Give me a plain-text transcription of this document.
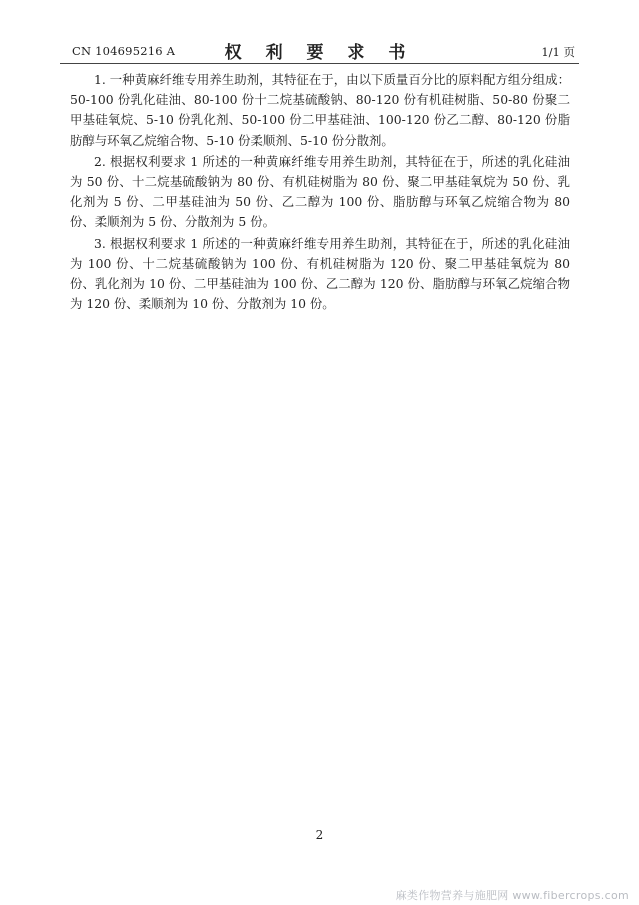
CN 104695216 A	权 利 要 求 书	1/1 页

1. 一种黄麻纤维专用养生助剂，其特征在于，由以下质量百分比的原料配方组分组成：50-100 份乳化硅油、80-100 份十二烷基硫酸钠、80-120 份有机硅树脂、50-80 份聚二甲基硅氧烷、5-10 份乳化剂、50-100 份二甲基硅油、100-120 份乙二醇、80-120 份脂肪醇与环氧乙烷缩合物、5-10 份柔顺剂、5-10 份分散剂。

2. 根据权利要求 1 所述的一种黄麻纤维专用养生助剂，其特征在于，所述的乳化硅油为 50 份、十二烷基硫酸钠为 80 份、有机硅树脂为 80 份、聚二甲基硅氧烷为 50 份、乳化剂为 5 份、二甲基硅油为 50 份、乙二醇为 100 份、脂肪醇与环氧乙烷缩合物为 80 份、柔顺剂为 5 份、分散剂为 5 份。

3. 根据权利要求 1 所述的一种黄麻纤维专用养生助剂，其特征在于，所述的乳化硅油为 100 份、十二烷基硫酸钠为 100 份、有机硅树脂为 120 份、聚二甲基硅氧烷为 80 份、乳化剂为 10 份、二甲基硅油为 100 份、乙二醇为 120 份、脂肪醇与环氧乙烷缩合物为 120 份、柔顺剂为 10 份、分散剂为 10 份。

2
麻类作物营养与施肥网 www.fibercrops.com
